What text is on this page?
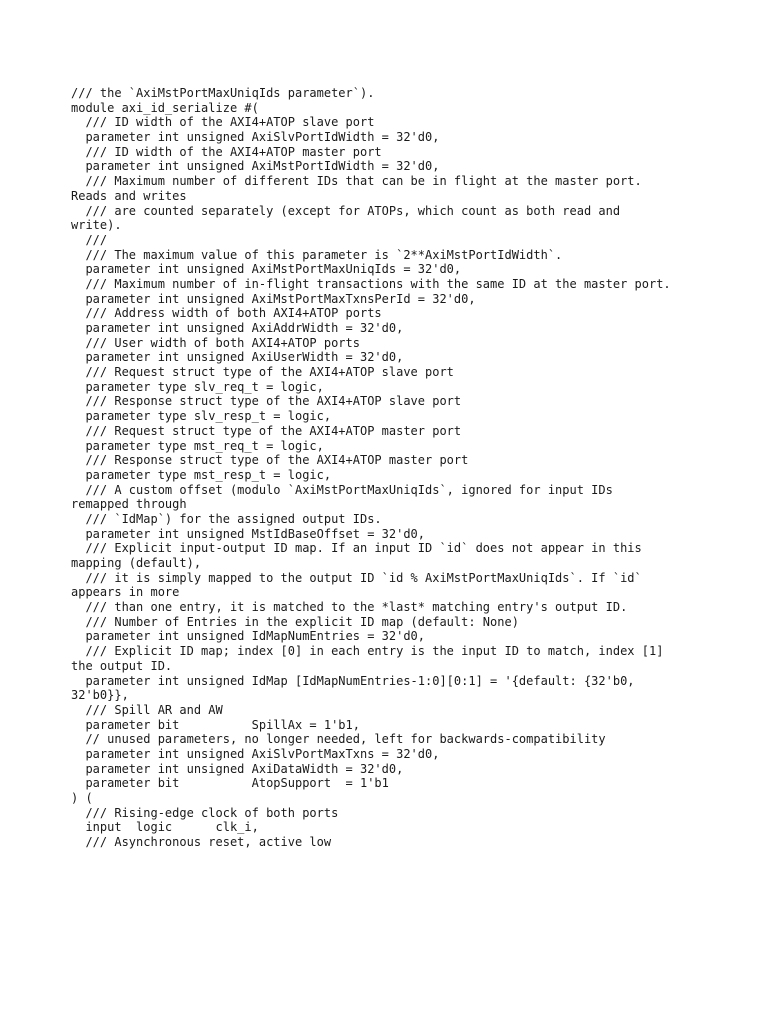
/// the `AxiMstPortMaxUniqIds parameter`).
module axi_id_serialize #(
/// ID width of the AXI4+ATOP slave port
parameter int unsigned AxiSlvPortIdWidth = 32'd0,
/// ID width of the AXI4+ATOP master port
parameter int unsigned AxiMstPortIdWidth = 32'd0,
/// Maximum number of different IDs that can be in flight at the master port.
Reads and writes
/// are counted separately (except for ATOPs, which count as both read and
write).
///
/// The maximum value of this parameter is `2**AxiMstPortIdWidth`.
parameter int unsigned AxiMstPortMaxUniqIds = 32'd0,
/// Maximum number of in-flight transactions with the same ID at the master port.
parameter int unsigned AxiMstPortMaxTxnsPerId = 32'd0,
/// Address width of both AXI4+ATOP ports
parameter int unsigned AxiAddrWidth = 32'd0,
/// User width of both AXI4+ATOP ports
parameter int unsigned AxiUserWidth = 32'd0,
/// Request struct type of the AXI4+ATOP slave port
parameter type slv_req_t = logic,
/// Response struct type of the AXI4+ATOP slave port
parameter type slv_resp_t = logic,
/// Request struct type of the AXI4+ATOP master port
parameter type mst_req_t = logic,
/// Response struct type of the AXI4+ATOP master port
parameter type mst_resp_t = logic,
/// A custom offset (modulo `AxiMstPortMaxUniqIds`, ignored for input IDs
remapped through
/// `IdMap`) for the assigned output IDs.
parameter int unsigned MstIdBaseOffset = 32'd0,
/// Explicit input-output ID map. If an input ID `id` does not appear in this
mapping (default),
/// it is simply mapped to the output ID `id % AxiMstPortMaxUniqIds`. If `id`
appears in more
/// than one entry, it is matched to the *last* matching entry's output ID.
/// Number of Entries in the explicit ID map (default: None)
parameter int unsigned IdMapNumEntries = 32'd0,
/// Explicit ID map; index [0] in each entry is the input ID to match, index [1]
the output ID.
parameter int unsigned IdMap [IdMapNumEntries-1:0][0:1] = '{default: {32'b0,
32'b0}},
/// Spill AR and AW
parameter bit          SpillAx = 1'b1,
// unused parameters, no longer needed, left for backwards-compatibility
parameter int unsigned AxiSlvPortMaxTxns = 32'd0,
parameter int unsigned AxiDataWidth = 32'd0,
parameter bit          AtopSupport  = 1'b1
) (
/// Rising-edge clock of both ports
input  logic      clk_i,
/// Asynchronous reset, active low
